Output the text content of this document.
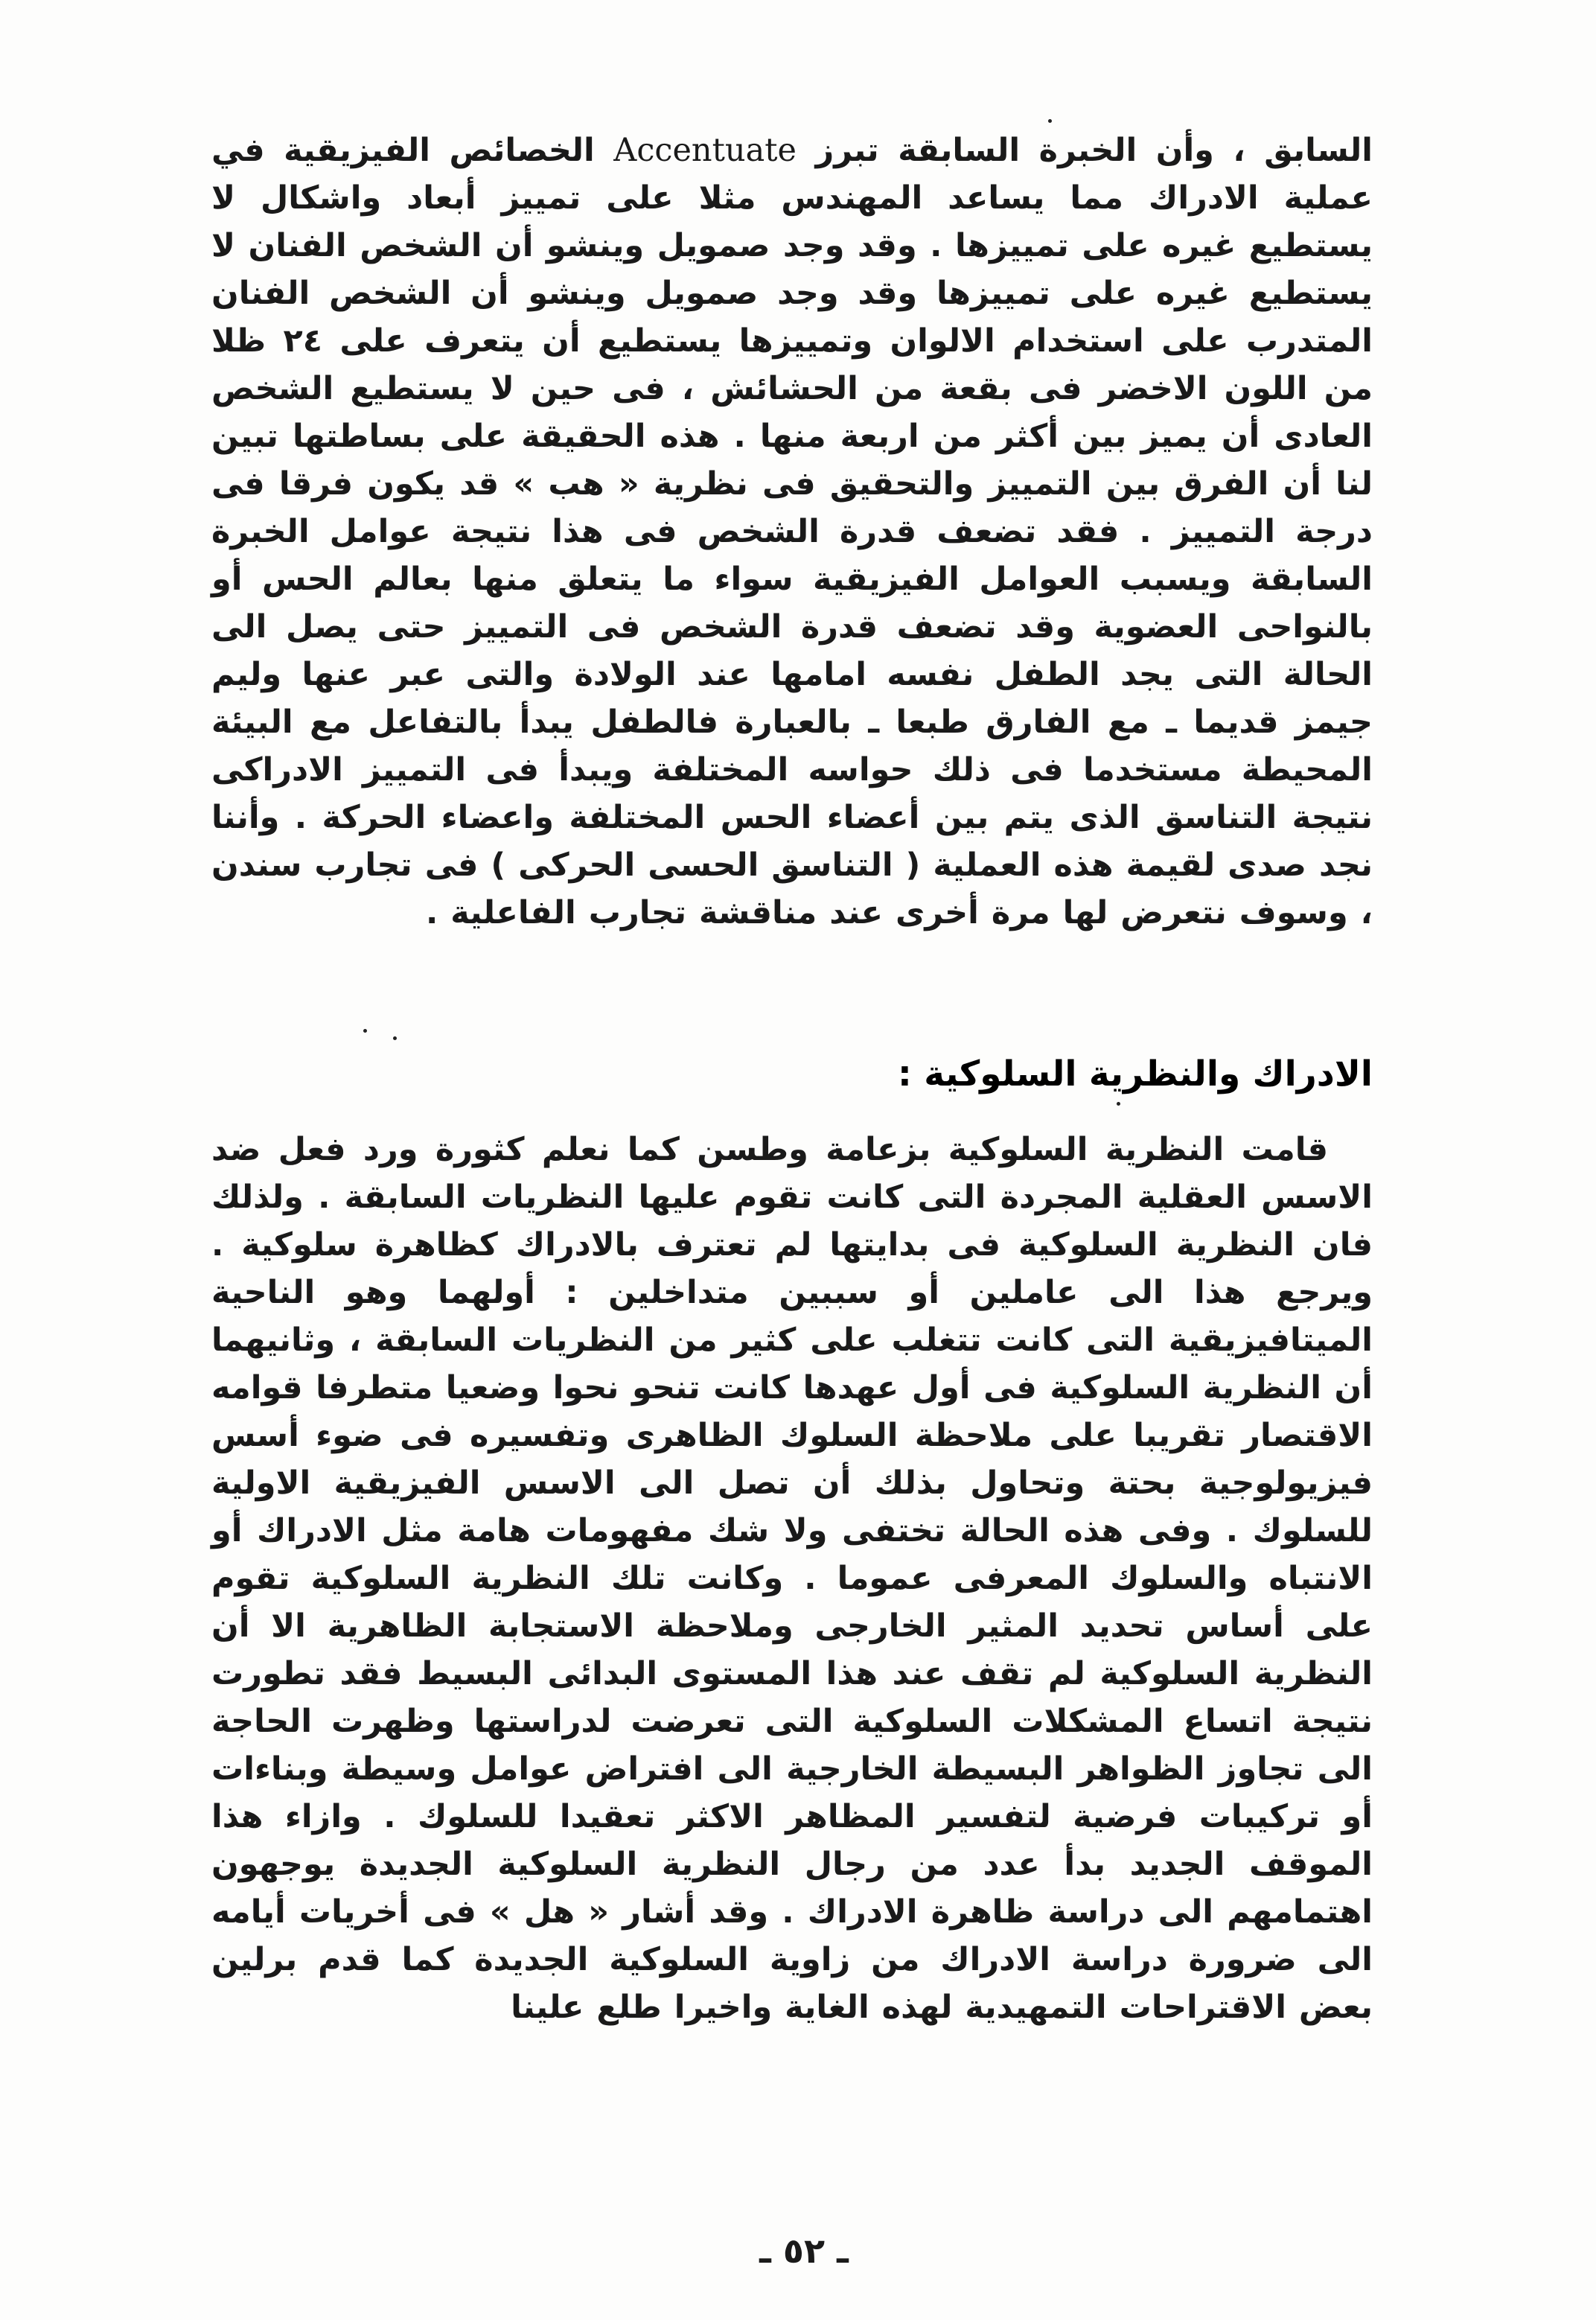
السابق ، وأن الخبرة السابقة تبرز Accentuate الخصائص الفيزيقية في عملية الادراك مما يساعد المهندس مثلا على تمييز أبعاد واشكال لا يستطيع غيره على تمييزها . وقد وجد صمويل وينشو أن الشخص الفنان لا يستطيع غيره على تمييزها وقد وجد صمويل وينشو أن الشخص الفنان المتدرب على استخدام الالوان وتمييزها يستطيع أن يتعرف على ٢٤ ظلا من اللون الاخضر فى بقعة من الحشائش ، فى حين لا يستطيع الشخص العادى أن يميز بين أكثر من اربعة منها . هذه الحقيقة على بساطتها تبين لنا أن الفرق بين التمييز والتحقيق فى نظرية « هب » قد يكون فرقا فى درجة التمييز . فقد تضعف قدرة الشخص فى هذا نتيجة عوامل الخبرة السابقة ويسبب العوامل الفيزيقية سواء ما يتعلق منها بعالم الحس أو بالنواحى العضوية وقد تضعف قدرة الشخص فى التمييز حتى يصل الى الحالة التى يجد الطفل نفسه امامها عند الولادة والتى عبر عنها وليم جيمز قديما ـ مع الفارق طبعا ـ بالعبارة فالطفل يبدأ بالتفاعل مع البيئة المحيطة مستخدما فى ذلك حواسه المختلفة ويبدأ فى التمييز الادراكى نتيجة التناسق الذى يتم بين أعضاء الحس المختلفة واعضاء الحركة . وأننا نجد صدى لقيمة هذه العملية ( التناسق الحسى الحركى ) فى تجارب سندن ، وسوف نتعرض لها مرة أخرى عند مناقشة تجارب الفاعلية .
الادراك والنظرية السلوكية :
قامت النظرية السلوكية بزعامة وطسن كما نعلم كثورة ورد فعل ضد الاسس العقلية المجردة التى كانت تقوم عليها النظريات السابقة . ولذلك فان النظرية السلوكية فى بدايتها لم تعترف بالادراك كظاهرة سلوكية . ويرجع هذا الى عاملين أو سببين متداخلين : أولهما وهو الناحية الميتافيزيقية التى كانت تتغلب على كثير من النظريات السابقة ، وثانيهما أن النظرية السلوكية فى أول عهدها كانت تنحو نحوا وضعيا متطرفا قوامه الاقتصار تقريبا على ملاحظة السلوك الظاهرى وتفسيره فى ضوء أسس فيزيولوجية بحتة وتحاول بذلك أن تصل الى الاسس الفيزيقية الاولية للسلوك . وفى هذه الحالة تختفى ولا شك مفهومات هامة مثل الادراك أو الانتباه والسلوك المعرفى عموما . وكانت تلك النظرية السلوكية تقوم على أساس تحديد المثير الخارجى وملاحظة الاستجابة الظاهرية الا أن النظرية السلوكية لم تقف عند هذا المستوى البدائى البسيط فقد تطورت نتيجة اتساع المشكلات السلوكية التى تعرضت لدراستها وظهرت الحاجة الى تجاوز الظواهر البسيطة الخارجية الى افتراض عوامل وسيطة وبناءات أو تركيبات فرضية لتفسير المظاهر الاكثر تعقيدا للسلوك . وازاء هذا الموقف الجديد بدأ عدد من رجال النظرية السلوكية الجديدة يوجهون اهتمامهم الى دراسة ظاهرة الادراك . وقد أشار « هل » فى أخريات أيامه الى ضرورة دراسة الادراك من زاوية السلوكية الجديدة كما قدم برلين بعض الاقتراحات التمهيدية لهذه الغاية واخيرا طلع علينا
ـ ٥٢ ـ
